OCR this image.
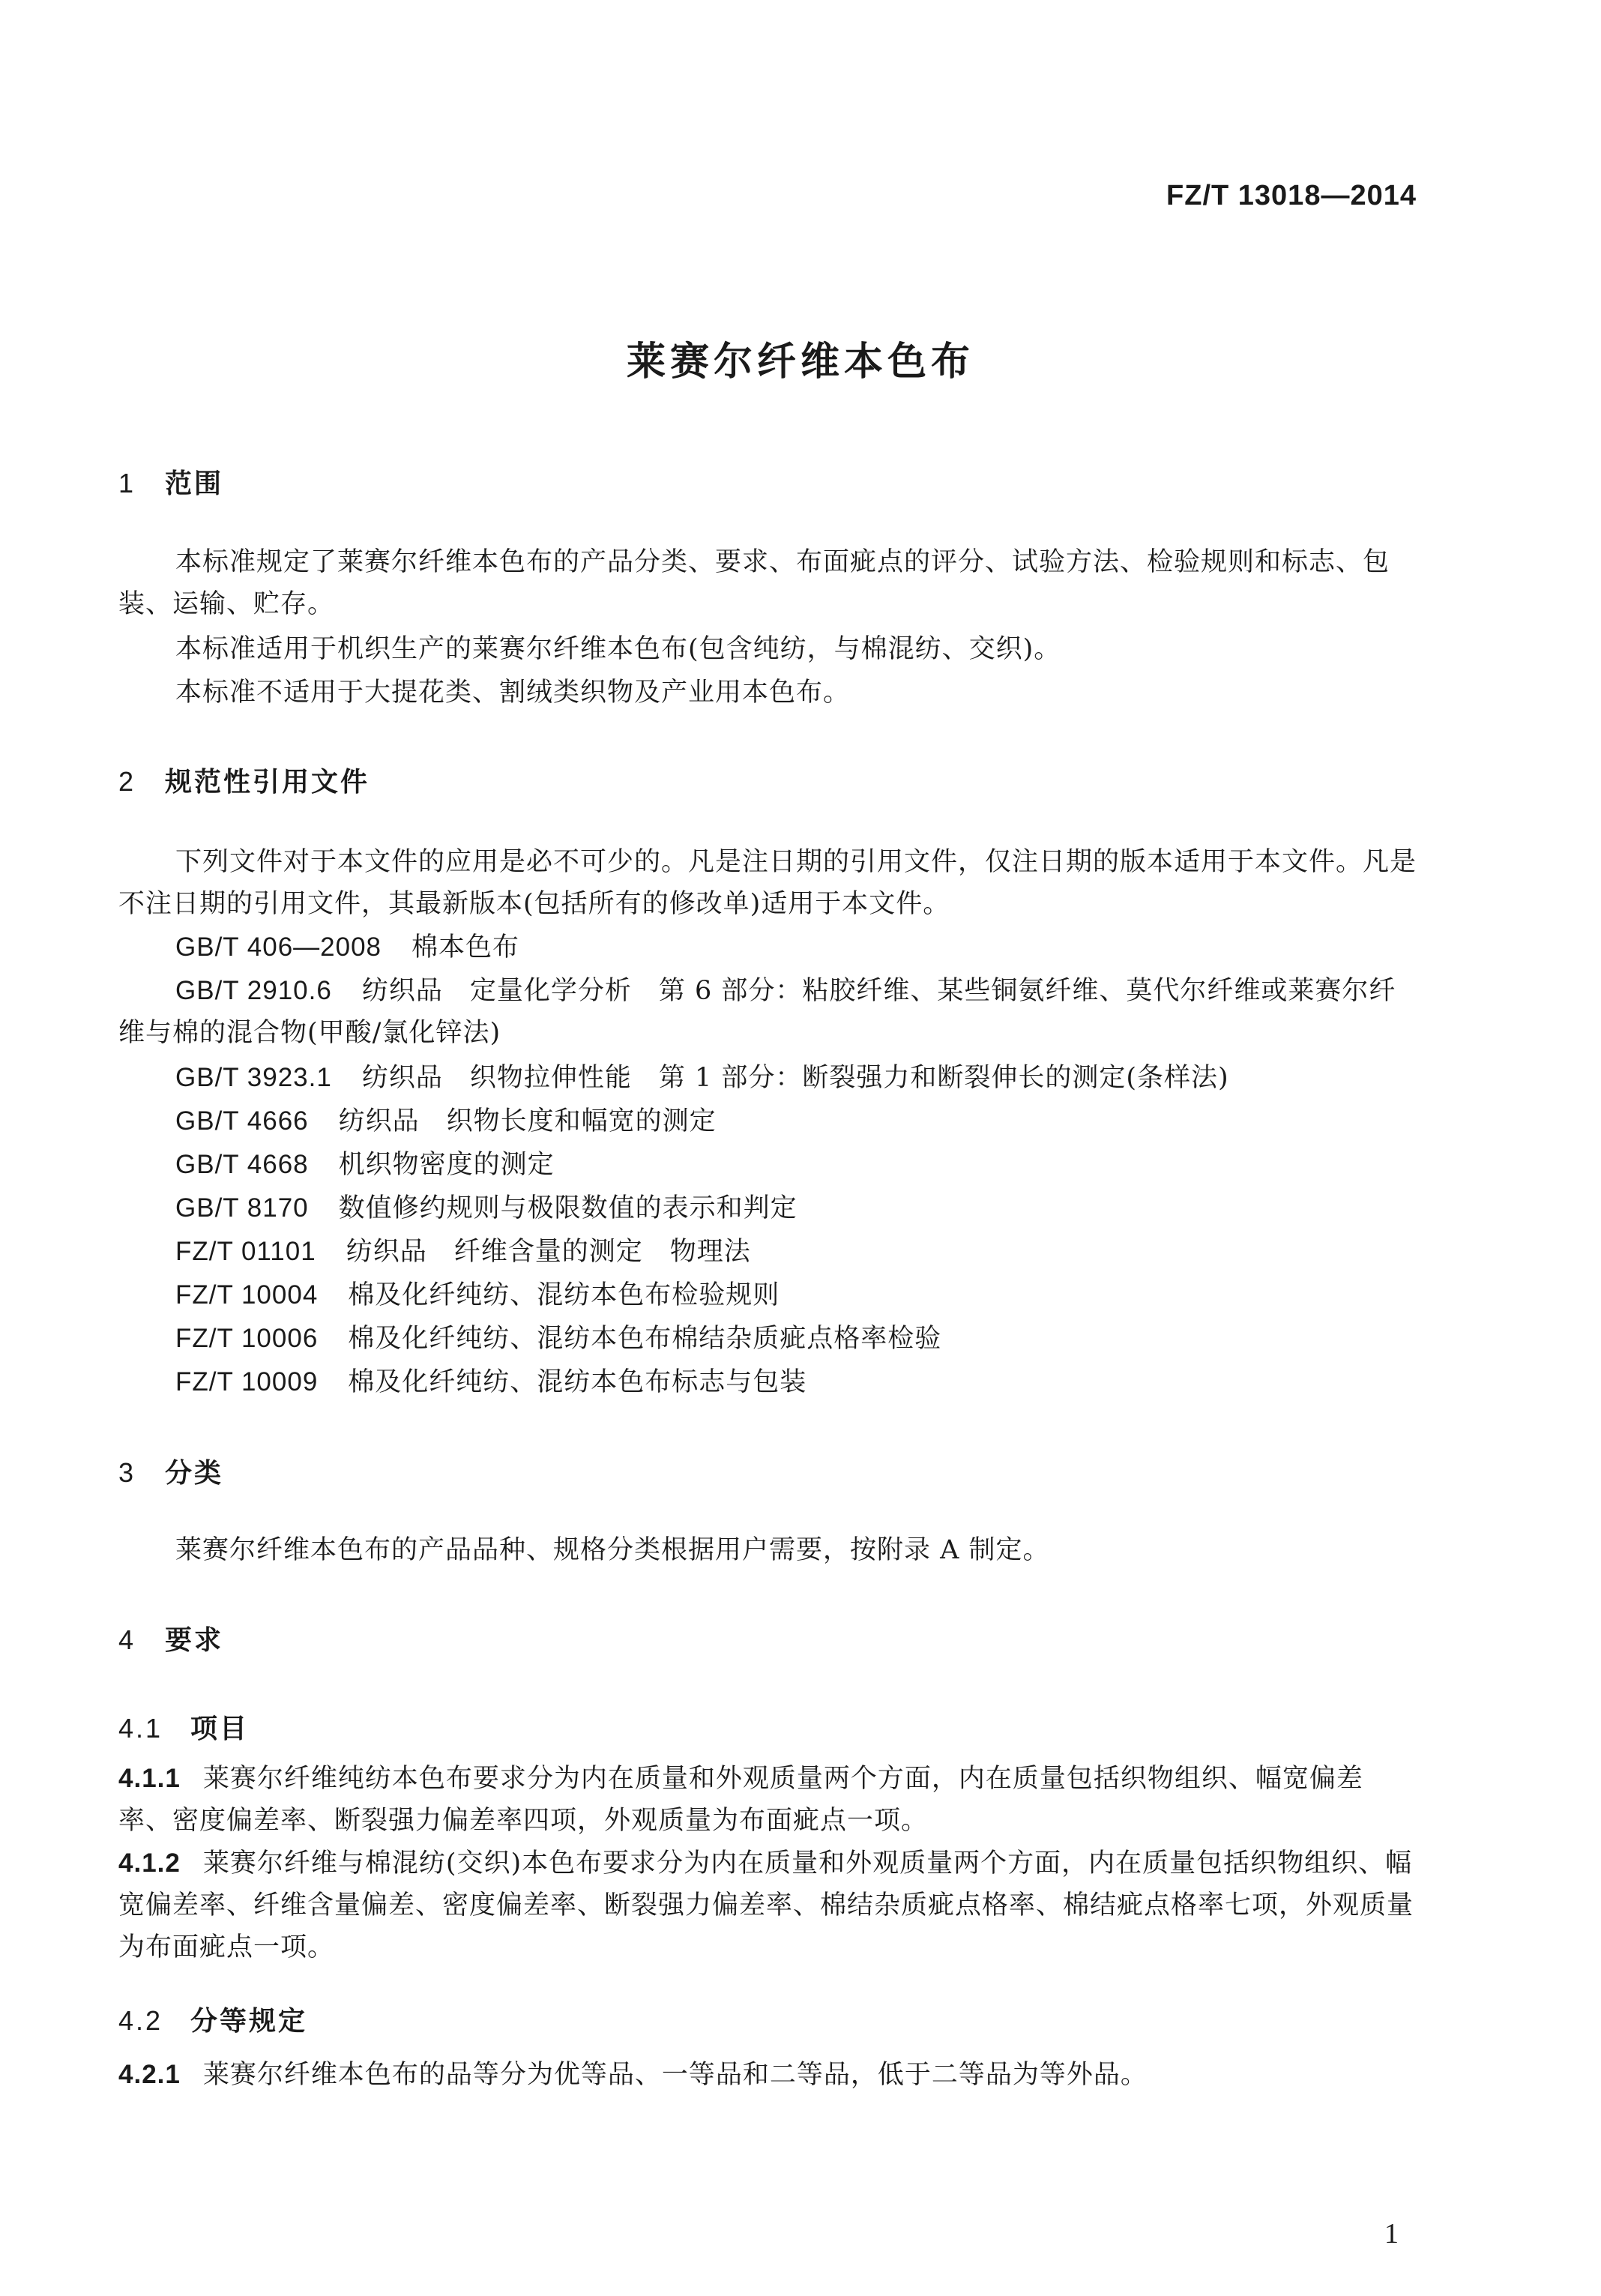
FZ/T 13018—2014
莱赛尔纤维本色布
1 范围
本标准规定了莱赛尔纤维本色布的产品分类、要求、布面疵点的评分、试验方法、检验规则和标志、包装、运输、贮存。
本标准适用于机织生产的莱赛尔纤维本色布(包含纯纺，与棉混纺、交织)。
本标准不适用于大提花类、割绒类织物及产业用本色布。
2 规范性引用文件
下列文件对于本文件的应用是必不可少的。凡是注日期的引用文件，仅注日期的版本适用于本文件。凡是不注日期的引用文件，其最新版本(包括所有的修改单)适用于本文件。
GB/T 406—2008 棉本色布
GB/T 2910.6 纺织品　定量化学分析　第 6 部分：粘胶纤维、某些铜氨纤维、莫代尔纤维或莱赛尔纤维与棉的混合物(甲酸/氯化锌法)
GB/T 3923.1 纺织品　织物拉伸性能　第 1 部分：断裂强力和断裂伸长的测定(条样法)
GB/T 4666 纺织品　织物长度和幅宽的测定
GB/T 4668 机织物密度的测定
GB/T 8170 数值修约规则与极限数值的表示和判定
FZ/T 01101 纺织品　纤维含量的测定　物理法
FZ/T 10004 棉及化纤纯纺、混纺本色布检验规则
FZ/T 10006 棉及化纤纯纺、混纺本色布棉结杂质疵点格率检验
FZ/T 10009 棉及化纤纯纺、混纺本色布标志与包装
3 分类
莱赛尔纤维本色布的产品品种、规格分类根据用户需要，按附录 A 制定。
4 要求
4.1 项目
4.1.1 莱赛尔纤维纯纺本色布要求分为内在质量和外观质量两个方面，内在质量包括织物组织、幅宽偏差率、密度偏差率、断裂强力偏差率四项，外观质量为布面疵点一项。
4.1.2 莱赛尔纤维与棉混纺(交织)本色布要求分为内在质量和外观质量两个方面，内在质量包括织物组织、幅宽偏差率、纤维含量偏差、密度偏差率、断裂强力偏差率、棉结杂质疵点格率、棉结疵点格率七项，外观质量为布面疵点一项。
4.2 分等规定
4.2.1 莱赛尔纤维本色布的品等分为优等品、一等品和二等品，低于二等品为等外品。
1
